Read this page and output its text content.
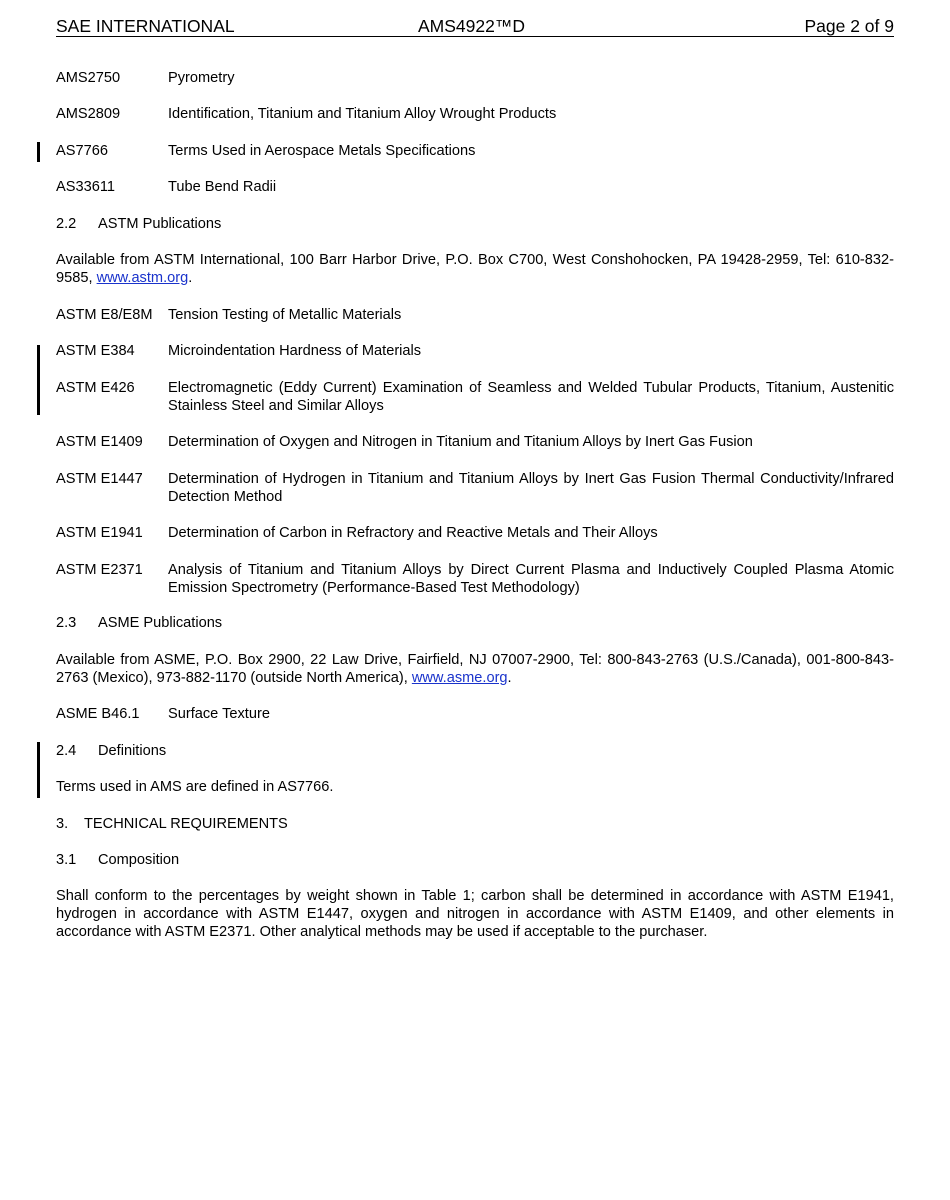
SAE INTERNATIONAL	AMS4922™D	Page 2 of 9
AMS2750	Pyrometry
AMS2809	Identification, Titanium and Titanium Alloy Wrought Products
AS7766	Terms Used in Aerospace Metals Specifications
AS33611	Tube Bend Radii
2.2 ASTM Publications
Available from ASTM International, 100 Barr Harbor Drive, P.O. Box C700, West Conshohocken, PA 19428-2959, Tel: 610-832-9585, www.astm.org.
ASTM E8/E8M Tension Testing of Metallic Materials
ASTM E384 Microindentation Hardness of Materials
ASTM E426 Electromagnetic (Eddy Current) Examination of Seamless and Welded Tubular Products, Titanium, Austenitic Stainless Steel and Similar Alloys
ASTM E1409 Determination of Oxygen and Nitrogen in Titanium and Titanium Alloys by Inert Gas Fusion
ASTM E1447 Determination of Hydrogen in Titanium and Titanium Alloys by Inert Gas Fusion Thermal Conductivity/Infrared Detection Method
ASTM E1941 Determination of Carbon in Refractory and Reactive Metals and Their Alloys
ASTM E2371 Analysis of Titanium and Titanium Alloys by Direct Current Plasma and Inductively Coupled Plasma Atomic Emission Spectrometry (Performance-Based Test Methodology)
2.3 ASME Publications
Available from ASME, P.O. Box 2900, 22 Law Drive, Fairfield, NJ 07007-2900, Tel: 800-843-2763 (U.S./Canada), 001-800-843-2763 (Mexico), 973-882-1170 (outside North America), www.asme.org.
ASME B46.1 Surface Texture
2.4 Definitions
Terms used in AMS are defined in AS7766.
3. TECHNICAL REQUIREMENTS
3.1 Composition
Shall conform to the percentages by weight shown in Table 1; carbon shall be determined in accordance with ASTM E1941, hydrogen in accordance with ASTM E1447, oxygen and nitrogen in accordance with ASTM E1409, and other elements in accordance with ASTM E2371. Other analytical methods may be used if acceptable to the purchaser.
